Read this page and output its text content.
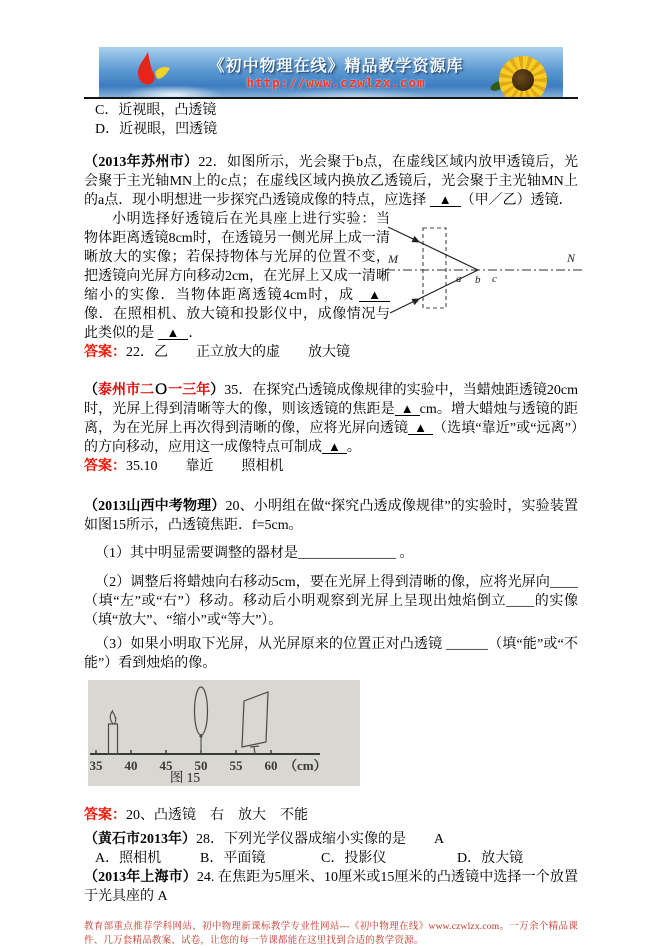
《初中物理在线》精品教学资源库
http://www.czwlzx.com

C．近视眼，凸透镜

D．近视眼，凹透镜

（2013年苏州市）22．如图所示，光会聚于b点，在虚线区域内放甲透镜后，光会聚于主光轴MN上的c点；在虚线区域内换放乙透镜后，光会聚于主光轴MN上的a点．现小明想进一步探究凸透镜成像的特点，应选择 ▲ （甲／乙）透镜．

M	N
a b c

小明选择好透镜后在光具座上进行实验：当物体距离透镜8cm时，在透镜另一侧光屏上成一清晰放大的实像；若保持物体与光屏的位置不变，把透镜向光屏方向移动2cm，在光屏上又成一清晰缩小的实像．当物体距离透镜4cm时，成 ▲像．在照相机、放大镜和投影仪中，成像情况与此类似的是 ▲ ．

答案：22．乙　　正立放大的虚　　放大镜

（泰州市二Ｏ一三年）35．在探究凸透镜成像规律的实验中，当蜡烛距透镜20cm时，光屏上得到清晰等大的像，则该透镜的焦距是 ▲ cm。增大蜡烛与透镜的距离，为在光屏上再次得到清晰的像，应将光屏向透镜 ▲ （选填“靠近”或“远离”）的方向移动，应用这一成像特点可制成 ▲ 。

答案：35.10　　靠近　　照相机

（2013山西中考物理）20、小明组在做“探究凸透成像规律”的实验时，实验装置如图15所示，凸透镜焦距．f=5cm。

（1）其中明显需要调整的器材是______________ 。

（2）调整后将蜡烛向右移动5cm，要在光屏上得到清晰的像，应将光屏向____（填“左”或“右”）移动。移动后小明观察到光屏上呈现出烛焰倒立____的实像（填“放大”、“缩小”或“等大”）。

（3）如果小明取下光屏，从光屏原来的位置正对凸透镜 ______（填“能”或“不能”）看到烛焰的像。

35 40 45 50 55 60 （cm）
图 15

答案：20、凸透镜　右　放大　不能

（黄石市2013年）28．下列光学仪器成缩小实像的是 A

A．照相机	B．平面镜	C．投影仪	D．放大镜

（2013年上海市）24. 在焦距为5厘米、10厘米或15厘米的凸透镜中选择一个放置于光具座的 A

教育部重点推荐学科网站、初中物理新课标教学专业性网站---《初中物理在线》www.czwlzx.com。一万余个精品课件、几万套精品教案、试卷，让您的每一节课都能在这里找到合适的教学资源。
